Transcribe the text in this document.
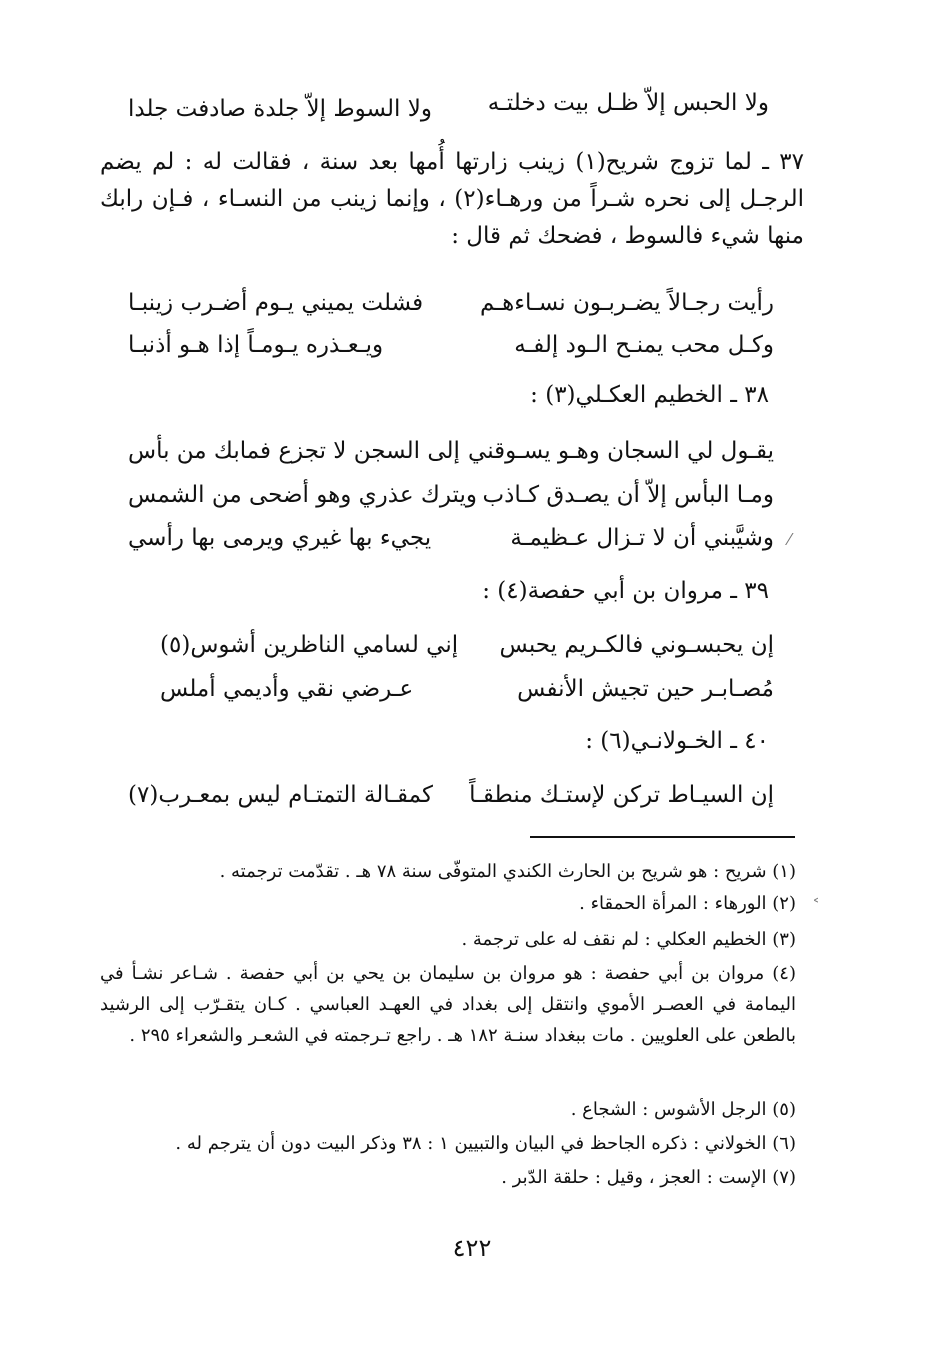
ولا الحبس إلاّ ظـل بيت دخلتـه
ولا السوط إلاّ جلدة صادفت جلدا
٣٧ ـ لما تزوج شريح(١) زينب زارتها أُمها بعد سنة ، فقالت له : لم يضم الرجـل إلى نحره شـراً من ورهـاء(٢) ، وإنما زينب من النسـاء ، فـإن رابك منها شيء فالسوط ، فضحك ثم قال :
رأيت رجـالاً يضـربـون نسـاءهـم
فشلت يميني يـوم أضـرب زينبـا
وكـل محب يمنـح الـود إلفـه
ويـعـذره يـومـاً إذا هـو أذنبـا
٣٨ ـ الخطيم العكـلي(٣) :
يقـول لي السجان وهـو يسـوقني
إلى السجن لا تجزع فمابك من بأس
ومـا البأس إلاّ أن يصـدق كـاذب
ويترك عذري وهو أضحى من الشمس
وشيَّبني أن لا تـزال عـظيمـة
يجيء بها غيري ويرمى بها رأسي
٣٩ ـ مروان بن أبي حفصة(٤) :
إن يحبسـوني فالكـريم يحبس
إني لسامي الناظرين أشوس(٥)
مُصـابـر حين تجيش الأنفس
عـرضي نقي وأديمي أملس
٤٠ ـ الخـولانـي(٦) :
إن السيـاط تركن لإستـك منطقـاً
كمقـالة التمتـام ليس بمعـرب(٧)
(١) شريح : هو شريح بن الحارث الكندي المتوفّى سنة ٧٨ هـ . تقدّمت ترجمته .
(٢) الورهاء : المرأة الحمقاء .
(٣) الخطيم العكلي : لم نقف له على ترجمة .
(٤) مروان بن أبي حفصة : هو مروان بن سليمان بن يحي بن أبي حفصة . شـاعر نشـأ في اليمامة في العصـر الأموي وانتقل إلى بغداد في العهـد العباسي . كـان يتقـرّب إلى الرشيد بالطعن على العلويين . مات ببغداد سنـة ١٨٢ هـ . راجع تـرجمته في الشعـر والشعراء ٢٩٥ .
(٥) الرجل الأشوس : الشجاع .
(٦) الخولاني : ذكره الجاحظ في البيان والتبيين ١ : ٣٨ وذكر البيت دون أن يترجم له .
(٧) الإست : العجز ، وقيل : حلقة الدّبر .
٤٢٢
⁄
˂
